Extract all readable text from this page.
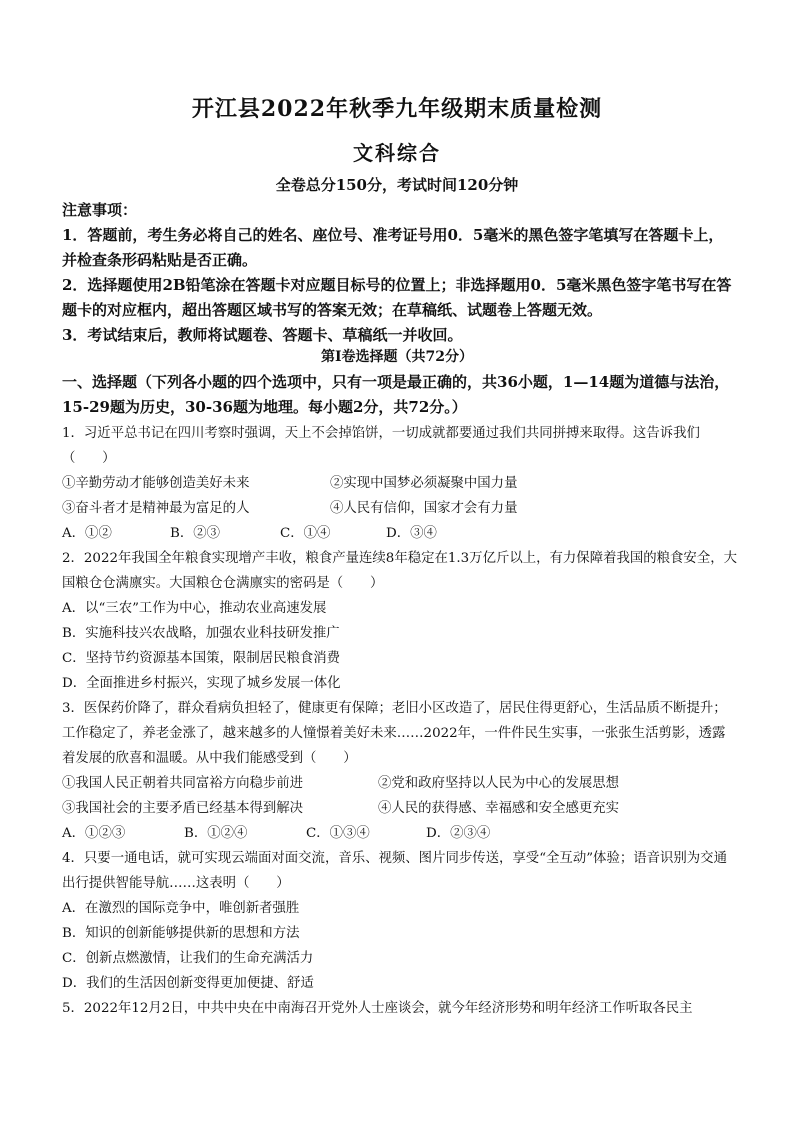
开江县2022年秋季九年级期末质量检测
文科综合
全卷总分150分，考试时间120分钟

注意事项：

1．答题前，考生务必将自己的姓名、座位号、准考证号用0．5毫米的黑色签字笔填写在答题卡上，并检查条形码粘贴是否正确。

2．选择题使用2B铅笔涂在答题卡对应题目标号的位置上；非选择题用0．5毫米黑色签字笔书写在答题卡的对应框内，超出答题区域书写的答案无效；在草稿纸、试题卷上答题无效。

3．考试结束后，教师将试题卷、答题卡、草稿纸一并收回。

第Ⅰ卷选择题（共72分）
一、选择题（下列各小题的四个选项中，只有一项是最正确的，共36小题，1—14题为道德与法治，15-29题为历史，30-36题为地理。每小题2分，共72分。）

1．习近平总书记在四川考察时强调，天上不会掉馅饼，一切成就都要通过我们共同拼搏来取得。这告诉我们（　　）

①辛勤劳动才能够创造美好未来	②实现中国梦必须凝聚中国力量
③奋斗者才是精神最为富足的人	④人民有信仰，国家才会有力量
A．①②	B．②③	C．①④	D．③④

2．2022年我国全年粮食实现增产丰收，粮食产量连续8年稳定在1.3万亿斤以上，有力保障着我国的粮食安全，大国粮仓仓满廪实。大国粮仓仓满廪实的密码是（　　）

A．以“三农”工作为中心，推动农业高速发展

B．实施科技兴农战略，加强农业科技研发推广

C．坚持节约资源基本国策，限制居民粮食消费

D．全面推进乡村振兴，实现了城乡发展一体化

3．医保药价降了，群众看病负担轻了，健康更有保障；老旧小区改造了，居民住得更舒心，生活品质不断提升；工作稳定了，养老金涨了，越来越多的人憧憬着美好未来……2022年，一件件民生实事，一张张生活剪影，透露着发展的欣喜和温暖。从中我们能感受到（　　）

①我国人民正朝着共同富裕方向稳步前进	②党和政府坚持以人民为中心的发展思想
③我国社会的主要矛盾已经基本得到解决	④人民的获得感、幸福感和安全感更充实
A．①②③	B．①②④	C．①③④	D．②③④

4．只要一通电话，就可实现云端面对面交流，音乐、视频、图片同步传送，享受“全互动”体验；语音识别为交通出行提供智能导航……这表明（　　）

A．在激烈的国际竞争中，唯创新者强胜

B．知识的创新能够提供新的思想和方法

C．创新点燃激情，让我们的生命充满活力

D．我们的生活因创新变得更加便捷、舒适

5．2022年12月2日，中共中央在中南海召开党外人士座谈会，就今年经济形势和明年经济工作听取各民主
